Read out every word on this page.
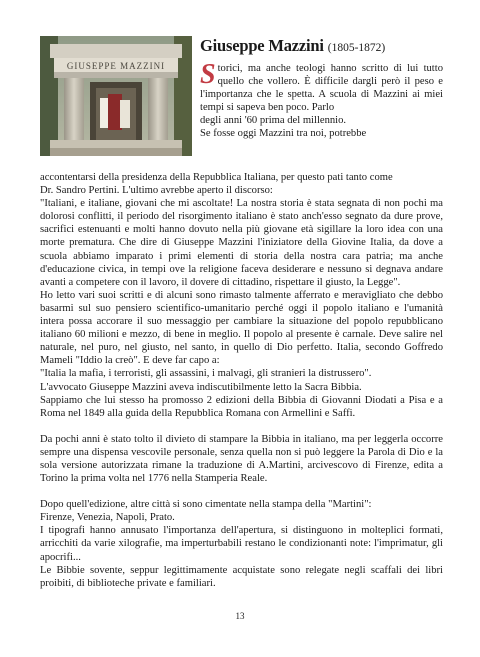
GIUSEPPE MAZZINI
Giuseppe Mazzini (1805-1872)
S torici, ma anche teologi hanno scritto di lui tutto quello che vollero. È difficile dargli però il peso e l'importanza che le spetta. A scuola di Mazzini ai miei tempi si sapeva ben poco. Parlo
degli anni '60 prima del millennio.
Se fosse oggi Mazzini tra noi, potrebbe

accontentarsi della presidenza della Repubblica Italiana, per questo pati tanto come
Dr. Sandro Pertini. L'ultimo avrebbe aperto il discorso:
"Italiani, e italiane, giovani che mi ascoltate! La nostra storia è stata segnata di non pochi ma dolorosi conflitti, il periodo del risorgimento italiano è stato anch'esso segnato da dure prove, sacrifici estenuanti e molti hanno dovuto nella più giovane età sigillare la loro idea con una morte prematura. Che dire di Giuseppe Mazzini l'iniziatore della Giovine Italia, da dove a scuola abbiamo imparato i primi elementi di storia della nostra cara patria; ma anche d'educazione civica, in tempi ove la religione faceva desiderare e nessuno si degnava andare avanti a competere con il lavoro, il dovere di cittadino, rispettare il giusto, la Legge".
Ho letto vari suoi scritti e di alcuni sono rimasto talmente afferrato e meravigliato che debbo basarmi sul suo pensiero scientifico-umanitario perché oggi il popolo italiano e l'umanità intera possa accorare il suo messaggio per cambiare la situazione del popolo repubblicano italiano 60 milioni e mezzo, di bene in meglio. Il popolo al presente è carnale. Deve salire nel naturale, nel puro, nel giusto, nel santo, in quello di Dio perfetto. Italia, secondo Goffredo Mameli "Iddio la creò". E deve far capo a:
"Italia la mafia, i terroristi, gli assassini, i malvagi, gli stranieri la distrussero".
L'avvocato Giuseppe Mazzini aveva indiscutibilmente letto la Sacra Bibbia.
Sappiamo che lui stesso ha promosso 2 edizioni della Bibbia di Giovanni Diodati a Pisa e a Roma nel 1849 alla guida della Repubblica Romana con Armellini e Saffi.

Da pochi anni è stato tolto il divieto di stampare la Bibbia in italiano, ma per leggerla occorre sempre una dispensa vescovile personale, senza quella non si può leggere la Parola di Dio e la sola versione autorizzata rimane la traduzione di A.Martini, arcivescovo di Firenze, edita a Torino la prima volta nel 1776 nella Stamperia Reale.

Dopo quell'edizione, altre città si sono cimentate nella stampa della "Martini":
Firenze, Venezia, Napoli, Prato.
I tipografi hanno annusato l'importanza dell'apertura, si distinguono in molteplici formati, arricchiti da varie xilografie, ma imperturbabili restano le condizionanti note: l'imprimatur, gli apocrifi...
Le Bibbie sovente, seppur legittimamente acquistate sono relegate negli scaffali dei libri proibiti, di biblioteche private e familiari.

13
